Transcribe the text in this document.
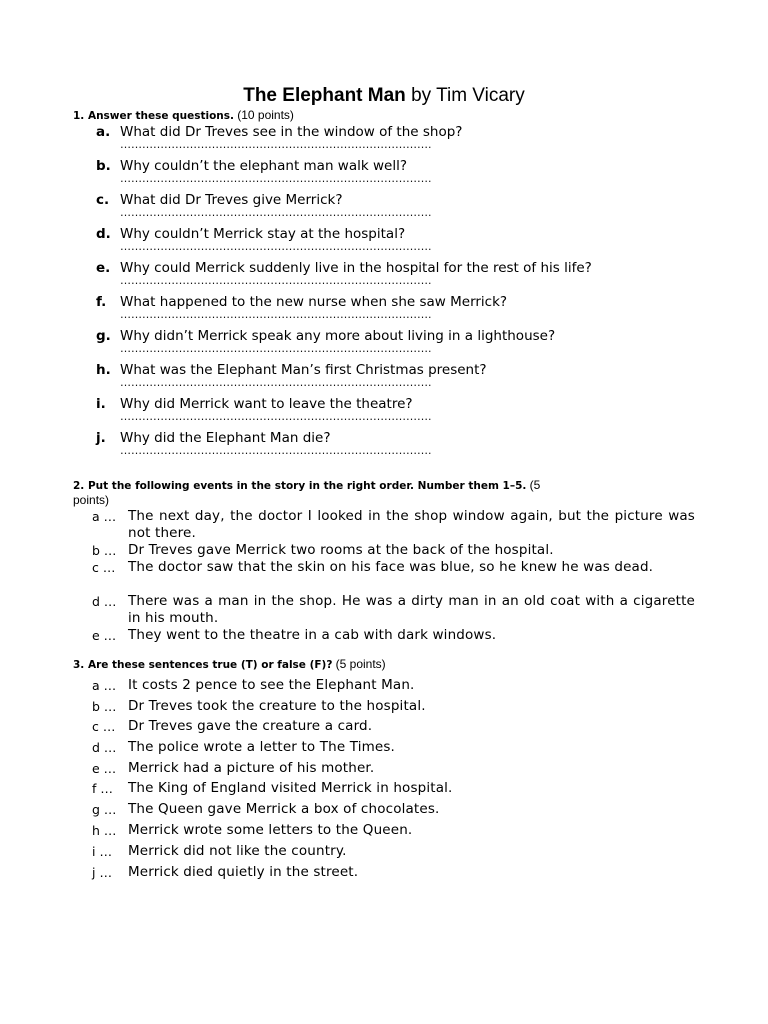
The Elephant Man by Tim Vicary
1. Answer these questions. (10 points)
a. What did Dr Treves see in the window of the shop?
………………………………………………………………………….
b. Why couldn’t the elephant man walk well?
………………………………………………………………………….
c. What did Dr Treves give Merrick?
………………………………………………………………………….
d. Why couldn’t Merrick stay at the hospital?
………………………………………………………………………….
e. Why could Merrick suddenly live in the hospital for the rest of his life?
………………………………………………………………………….
f. What happened to the new nurse when she saw Merrick?
………………………………………………………………………….
g. Why didn’t Merrick speak any more about living in a lighthouse?
………………………………………………………………………….
h. What was the Elephant Man’s first Christmas present?
………………………………………………………………………….
i. Why did Merrick want to leave the theatre?
………………………………………………………………………….
j. Why did the Elephant Man die?
………………………………………………………………………….
2. Put the following events in the story in the right order. Number them 1–5. (5
points)
a … The next day, the doctor I looked in the shop window again, but the picture was not there.
b … Dr Treves gave Merrick two rooms at the back of the hospital.
c … The doctor saw that the skin on his face was blue, so he knew he was dead.
d … There was a man in the shop. He was a dirty man in an old coat with a cigarette in his mouth.
e … They went to the theatre in a cab with dark windows.
3. Are these sentences true (T) or false (F)? (5 points)
a … It costs 2 pence to see the Elephant Man.
b … Dr Treves took the creature to the hospital.
c … Dr Treves gave the creature a card.
d … The police wrote a letter to The Times.
e … Merrick had a picture of his mother.
f … The King of England visited Merrick in hospital.
g … The Queen gave Merrick a box of chocolates.
h … Merrick wrote some letters to the Queen.
i … Merrick did not like the country.
j … Merrick died quietly in the street.
